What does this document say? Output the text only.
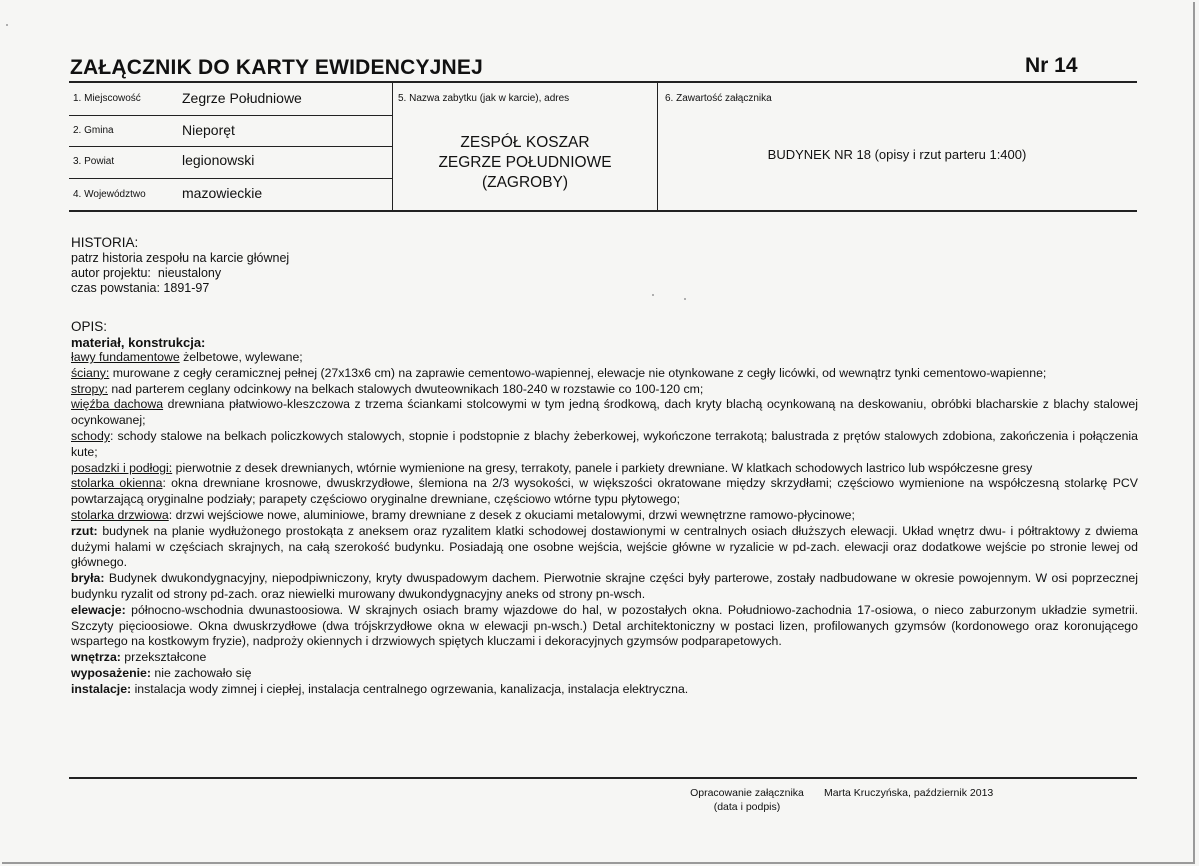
ZAŁĄCZNIK DO KARTY EWIDENCYJNEJ	Nr 14
1. Miejscowość	Zegrze Południowe
2. Gmina	Nieporęt
3. Powiat	legionowski
4. Województwo	mazowieckie
5. Nazwa zabytku (jak w karcie), adres
ZESPÓŁ KOSZAR
ZEGRZE POŁUDNIOWE
(ZAGROBY)
6. Zawartość załącznika
BUDYNEK NR 18 (opisy i rzut parteru 1:400)
HISTORIA:
patrz historia zespołu na karcie głównej
autor projektu: nieustalony
czas powstania: 1891-97
OPIS:
materiał, konstrukcja:

ławy fundamentowe żelbetowe, wylewane;

ściany: murowane z cegły ceramicznej pełnej (27x13x6 cm) na zaprawie cementowo-wapiennej, elewacje nie otynkowane z cegły licówki, od wewnątrz tynki cementowo-wapienne;

stropy: nad parterem ceglany odcinkowy na belkach stalowych dwuteownikach 180-240 w rozstawie co 100-120 cm;

więźba dachowa drewniana płatwiowo-kleszczowa z trzema ściankami stolcowymi w tym jedną środkową, dach kryty blachą ocynkowaną na deskowaniu, obróbki blacharskie z blachy stalowej ocynkowanej;

schody: schody stalowe na belkach policzkowych stalowych, stopnie i podstopnie z blachy żeberkowej, wykończone terrakotą; balustrada z prętów stalowych zdobiona, zakończenia i połączenia kute;

posadzki i podłogi: pierwotnie z desek drewnianych, wtórnie wymienione na gresy, terrakoty, panele i parkiety drewniane. W klatkach schodowych lastrico lub współczesne gresy

stolarka okienna: okna drewniane krosnowe, dwuskrzydłowe, ślemiona na 2/3 wysokości, w większości okratowane między skrzydłami; częściowo wymienione na współczesną stolarkę PCV powtarzającą oryginalne podziały; parapety częściowo oryginalne drewniane, częściowo wtórne typu płytowego;

stolarka drzwiowa: drzwi wejściowe nowe, aluminiowe, bramy drewniane z desek z okuciami metalowymi, drzwi wewnętrzne ramowo-płycinowe;

rzut: budynek na planie wydłużonego prostokąta z aneksem oraz ryzalitem klatki schodowej dostawionymi w centralnych osiach dłuższych elewacji. Układ wnętrz dwu- i półtraktowy z dwiema dużymi halami w częściach skrajnych, na całą szerokość budynku. Posiadają one osobne wejścia, wejście główne w ryzalicie w pd-zach. elewacji oraz dodatkowe wejście po stronie lewej od głównego.

bryła: Budynek dwukondygnacyjny, niepodpiwniczony, kryty dwuspadowym dachem. Pierwotnie skrajne części były parterowe, zostały nadbudowane w okresie powojennym. W osi poprzecznej budynku ryzalit od strony pd-zach. oraz niewielki murowany dwukondygnacyjny aneks od strony pn-wsch.

elewacje: północno-wschodnia dwunastoosiowa. W skrajnych osiach bramy wjazdowe do hal, w pozostałych okna. Południowo-zachodnia 17-osiowa, o nieco zaburzonym układzie symetrii. Szczyty pięcioosiowe. Okna dwuskrzydłowe (dwa trójskrzydłowe okna w elewacji pn-wsch.) Detal architektoniczny w postaci lizen, profilowanych gzymsów (kordonowego oraz koronującego wspartego na kostkowym fryzie), nadproży okiennych i drzwiowych spiętych kluczami i dekoracyjnych gzymsów podparapetowych.

wnętrza: przekształcone

wyposażenie: nie zachowało się

instalacje: instalacja wody zimnej i ciepłej, instalacja centralnego ogrzewania, kanalizacja, instalacja elektryczna.

Opracowanie załącznika
(data i podpis)
Marta Kruczyńska, październik 2013
